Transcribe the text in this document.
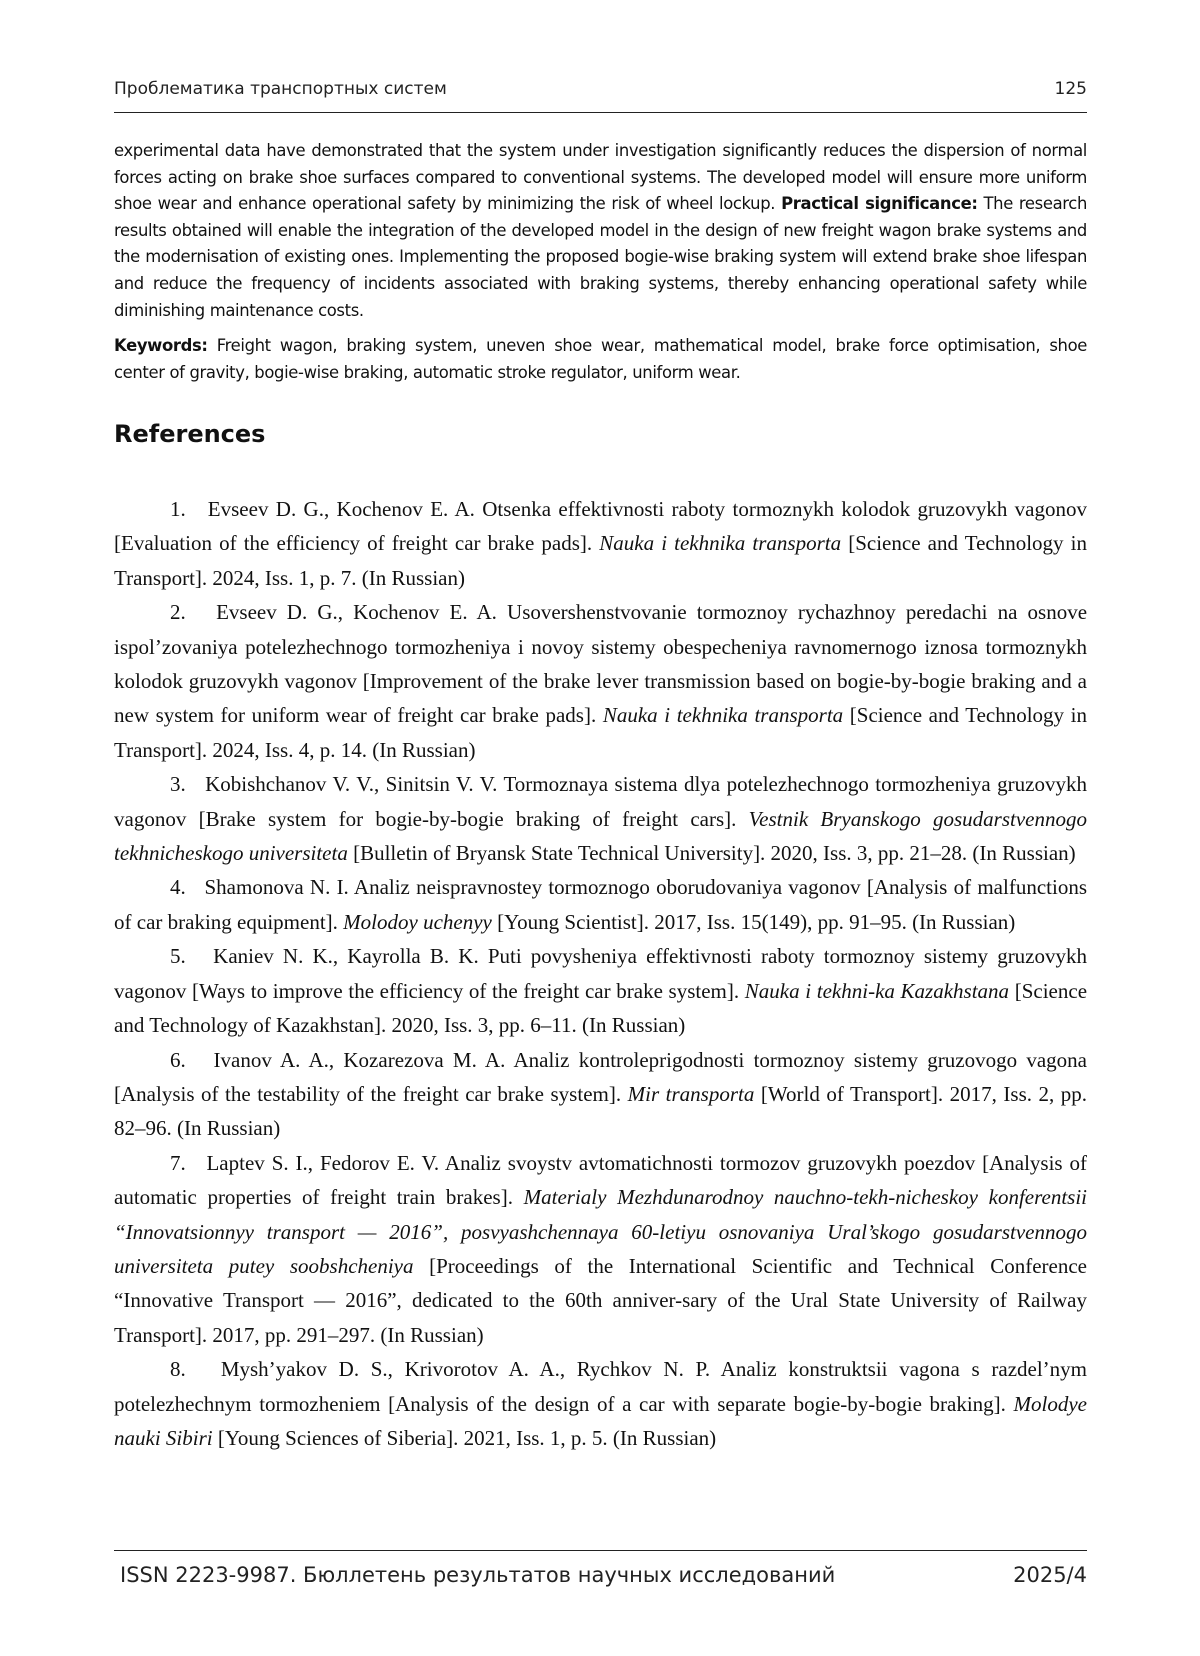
Проблематика транспортных систем	125

experimental data have demonstrated that the system under investigation significantly reduces the dispersion of normal forces acting on brake shoe surfaces compared to conventional systems. The developed model will ensure more uniform shoe wear and enhance operational safety by minimizing the risk of wheel lockup. Practical significance: The research results obtained will enable the integration of the developed model in the design of new freight wagon brake systems and the modernisation of existing ones. Implementing the proposed bogie-wise braking system will extend brake shoe lifespan and reduce the frequency of incidents associated with braking systems, thereby enhancing operational safety while diminishing maintenance costs.

Keywords: Freight wagon, braking system, uneven shoe wear, mathematical model, brake force optimisation, shoe center of gravity, bogie-wise braking, automatic stroke regulator, uniform wear.

References
1. Evseev D. G., Kochenov E. A. Otsenka effektivnosti raboty tormoznykh kolodok gruzovykh vagonov [Evaluation of the efficiency of freight car brake pads]. Nauka i tekhnika transporta [Science and Technology in Transport]. 2024, Iss. 1, p. 7. (In Russian)
2. Evseev D. G., Kochenov E. A. Usovershenstvovanie tormoznoy rychazhnoy peredachi na osnove ispol’zovaniya potelezhechnogo tormozheniya i novoy sistemy obespecheniya ravnomernogo iznosa tormoznykh kolodok gruzovykh vagonov [Improvement of the brake lever transmission based on bogie-by-bogie braking and a new system for uniform wear of freight car brake pads]. Nauka i tekhnika transporta [Science and Technology in Transport]. 2024, Iss. 4, p. 14. (In Russian)
3. Kobishchanov V. V., Sinitsin V. V. Tormoznaya sistema dlya potelezhechnogo tormozheniya gruzovykh vagonov [Brake system for bogie-by-bogie braking of freight cars]. Vestnik Bryanskogo gosudarstvennogo tekhnicheskogo universiteta [Bulletin of Bryansk State Technical University]. 2020, Iss. 3, pp. 21–28. (In Russian)
4. Shamonova N. I. Analiz neispravnostey tormoznogo oborudovaniya vagonov [Analysis of malfunctions of car braking equipment]. Molodoy uchenyy [Young Scientist]. 2017, Iss. 15(149), pp. 91–95. (In Russian)
5. Kaniev N. K., Kayrolla B. K. Puti povysheniya effektivnosti raboty tormoznoy sistemy gruzovykh vagonov [Ways to improve the efficiency of the freight car brake system]. Nauka i tekhni-ka Kazakhstana [Science and Technology of Kazakhstan]. 2020, Iss. 3, pp. 6–11. (In Russian)
6. Ivanov A. A., Kozarezova M. A. Analiz kontroleprigodnosti tormoznoy sistemy gruzovogo vagona [Analysis of the testability of the freight car brake system]. Mir transporta [World of Transport]. 2017, Iss. 2, pp. 82–96. (In Russian)
7. Laptev S. I., Fedorov E. V. Analiz svoystv avtomatichnosti tormozov gruzovykh poezdov [Analysis of automatic properties of freight train brakes]. Materialy Mezhdunarodnoy nauchno-tekh-nicheskoy konferentsii “Innovatsionnyy transport — 2016”, posvyashchennaya 60-letiyu osnovaniya Ural’skogo gosudarstvennogo universiteta putey soobshcheniya [Proceedings of the International Scientific and Technical Conference “Innovative Transport — 2016”, dedicated to the 60th anniver-sary of the Ural State University of Railway Transport]. 2017, pp. 291–297. (In Russian)
8. Mysh’yakov D. S., Krivorotov A. A., Rychkov N. P. Analiz konstruktsii vagona s razdel’nym potelezhechnym tormozheniem [Analysis of the design of a car with separate bogie-by-bogie braking]. Molodye nauki Sibiri [Young Sciences of Siberia]. 2021, Iss. 1, p. 5. (In Russian)
ISSN 2223-9987. Бюллетень результатов научных исследований	2025/4
